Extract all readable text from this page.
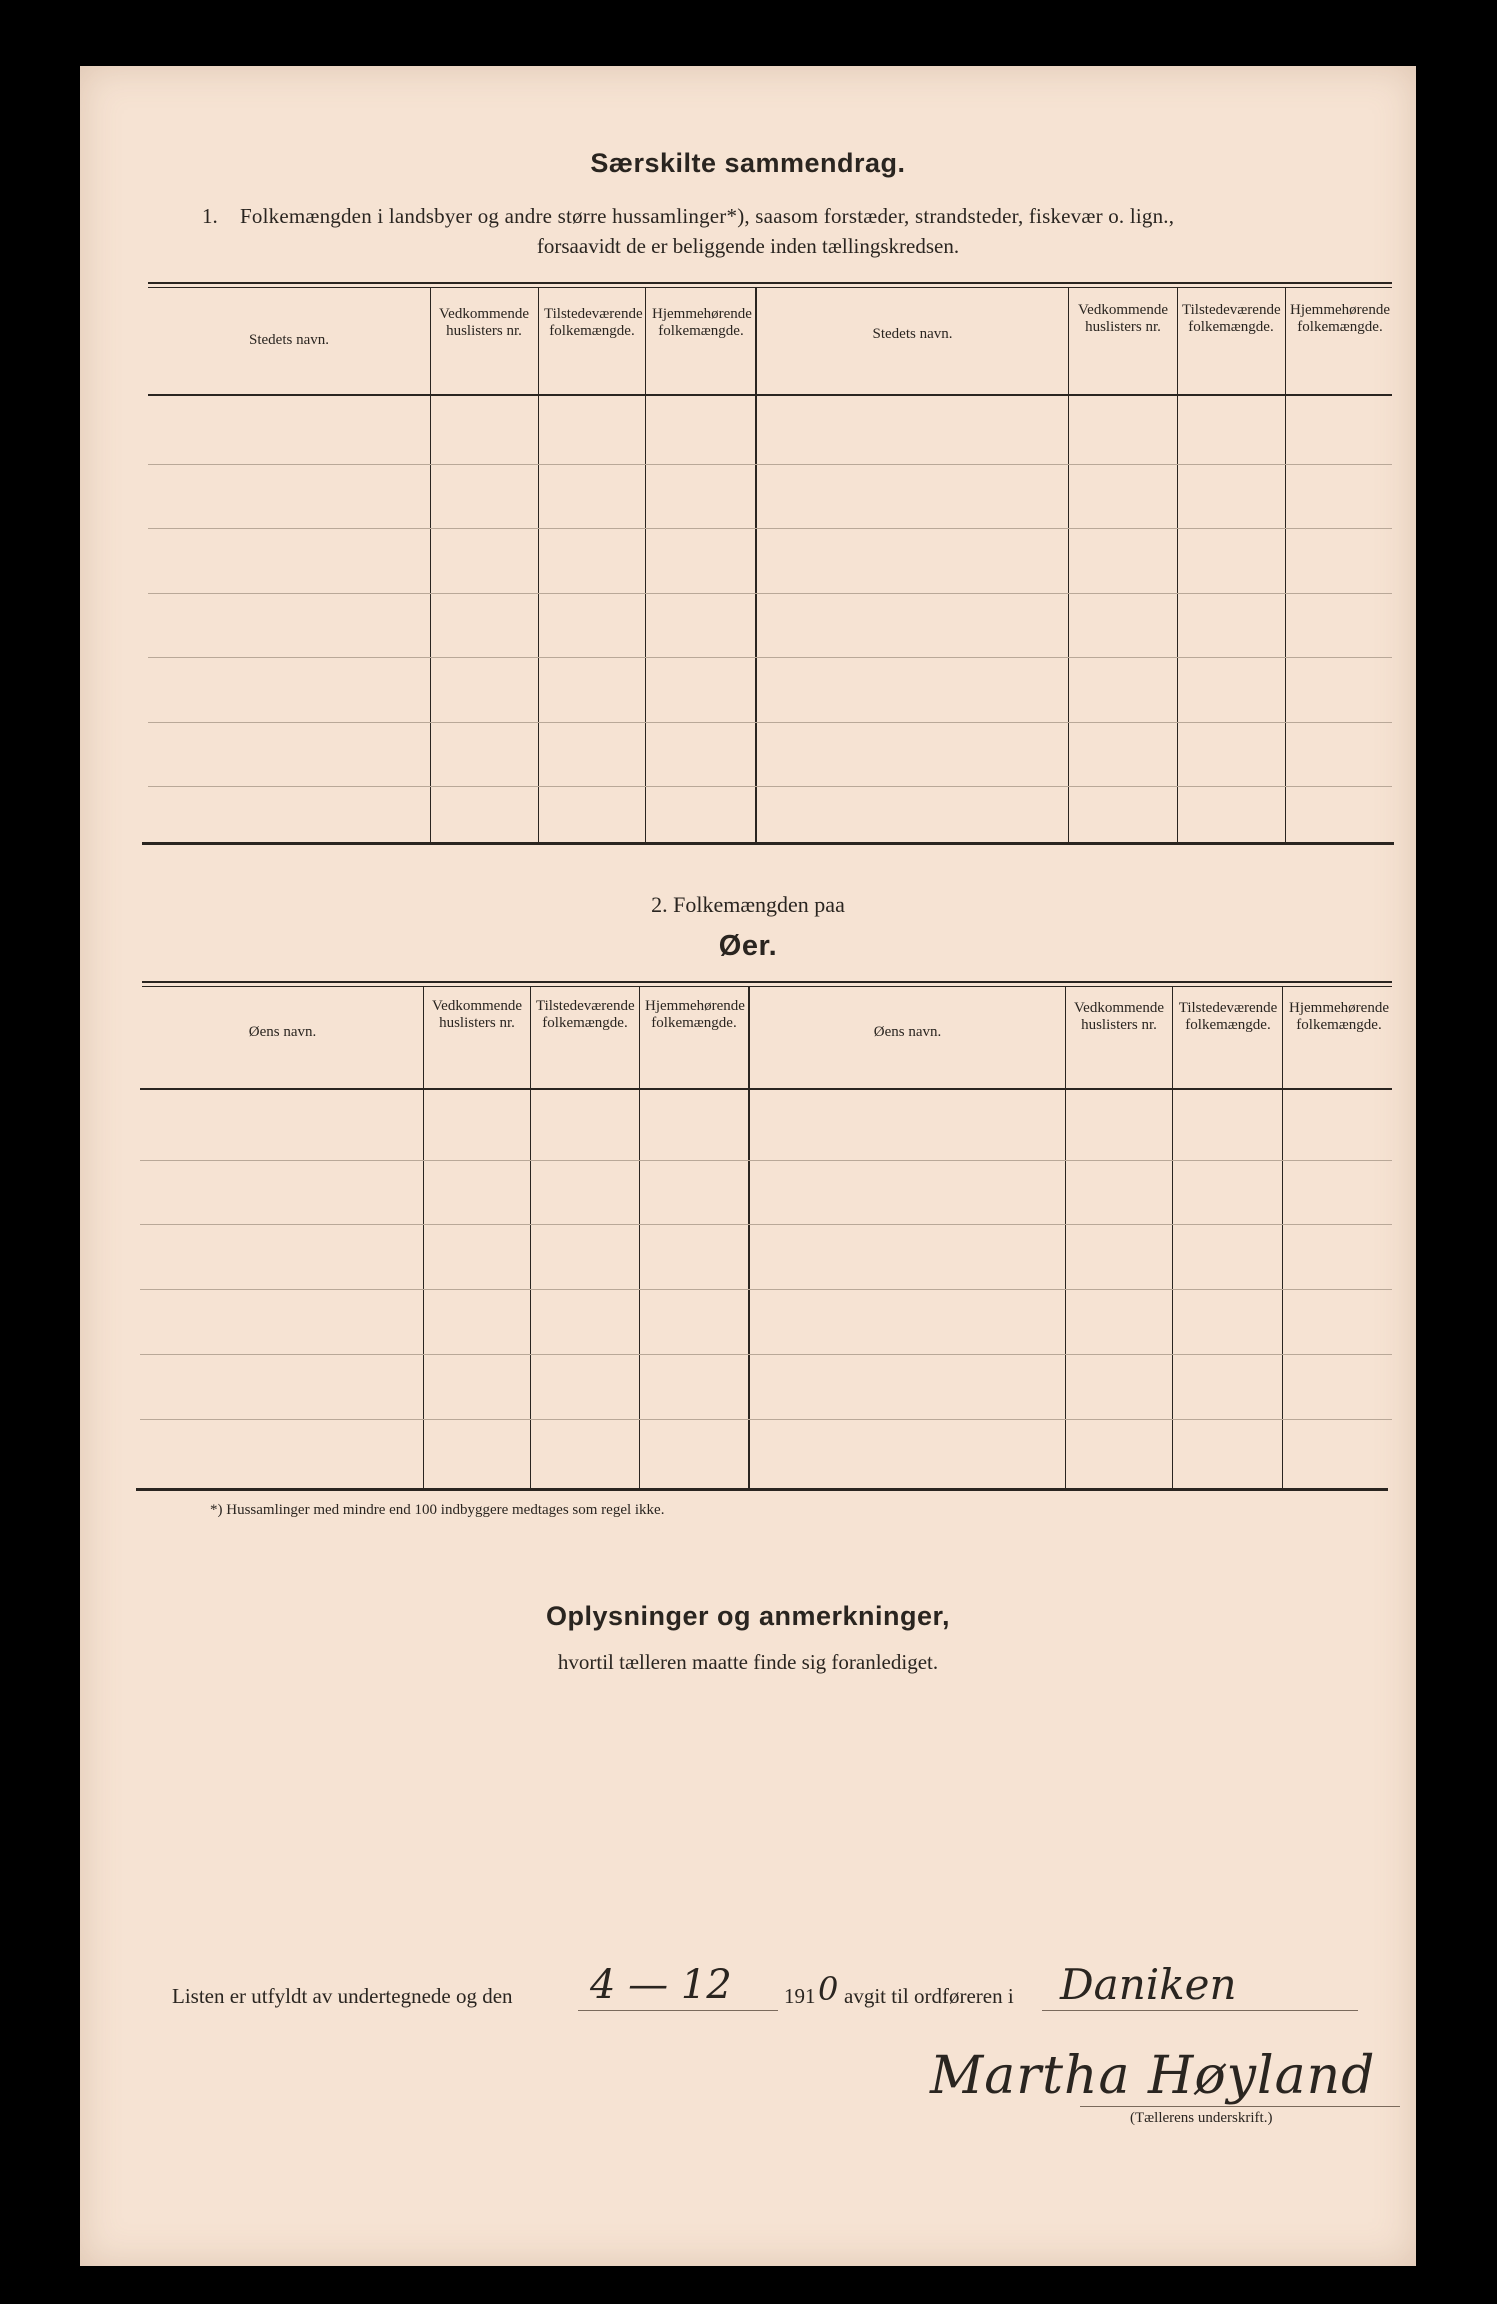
Særskilte sammendrag.
1. Folkemængden i landsbyer og andre større hussamlinger*), saasom forstæder, strandsteder, fiskevær o. lign.,
forsaavidt de er beliggende inden tællingskredsen.
Stedets navn.
Vedkommende huslisters nr.
Tilstedeværende folkemængde.
Hjemmehørende folkemængde.	Stedets navn.
Vedkommende huslisters nr.
Tilstedeværende folkemængde.
Hjemmehørende folkemængde.
2. Folkemængden paa
Øer.
Øens navn.
Vedkommende huslisters nr.
Tilstedeværende folkemængde.
Hjemmehørende folkemængde.
Øens navn.
Vedkommende huslisters nr.
Tilstedeværende folkemængde.
Hjemmehørende folkemængde.
*) Hussamlinger med mindre end 100 indbyggere medtages som regel ikke.
Oplysninger og anmerkninger,
hvortil tælleren maatte finde sig foranlediget.
Listen er utfyldt av undertegnede og den 4 — 12 191 0 avgit til ordføreren i Daniken
Martha Høyland
(Tællerens underskrift.)
